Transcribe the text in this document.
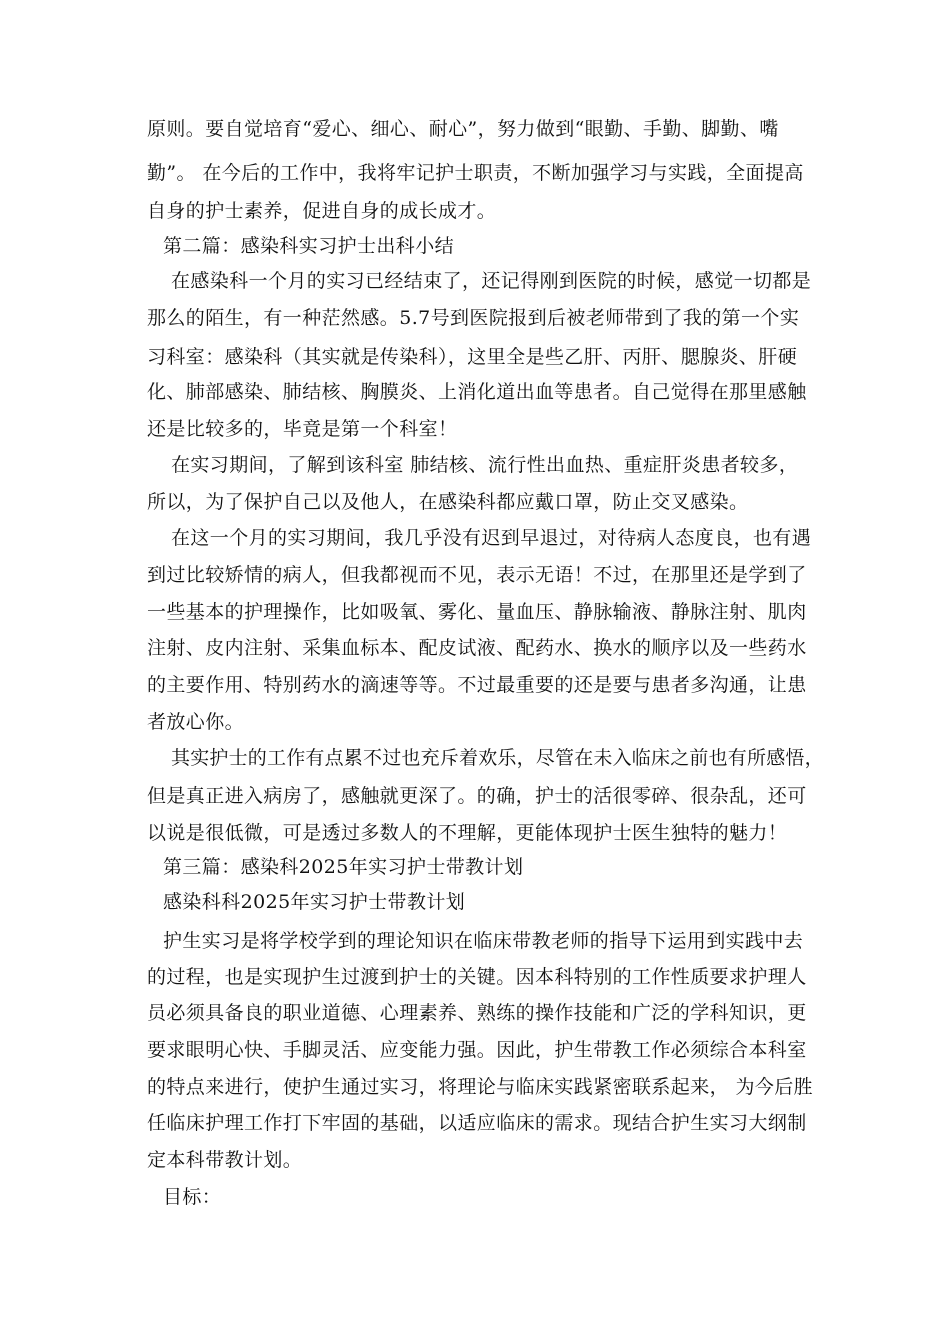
原则。要自觉培育“爱心、细心、耐心”，努力做到“眼勤、手勤、脚勤、嘴
勤”。 在今后的工作中，我将牢记护士职责，不断加强学习与实践，全面提高
自身的护士素养，促进自身的成长成才。
第二篇：感染科实习护士出科小结
在感染科一个月的实习已经结束了，还记得刚到医院的时候，感觉一切都是
那么的陌生，有一种茫然感。5.7号到医院报到后被老师带到了我的第一个实
习科室：感染科（其实就是传染科），这里全是些乙肝、丙肝、腮腺炎、肝硬
化、肺部感染、肺结核、胸膜炎、上消化道出血等患者。自己觉得在那里感触
还是比较多的，毕竟是第一个科室！
在实习期间，了解到该科室 肺结核、流行性出血热、重症肝炎患者较多，
所以，为了保护自己以及他人，在感染科都应戴口罩，防止交叉感染。
在这一个月的实习期间，我几乎没有迟到早退过，对待病人态度良，也有遇
到过比较矫情的病人，但我都视而不见，表示无语！不过，在那里还是学到了
一些基本的护理操作，比如吸氧、雾化、量血压、静脉输液、静脉注射、肌肉
注射、皮内注射、采集血标本、配皮试液、配药水、换水的顺序以及一些药水
的主要作用、特别药水的滴速等等。不过最重要的还是要与患者多沟通，让患
者放心你。
其实护士的工作有点累不过也充斥着欢乐，尽管在未入临床之前也有所感悟，
但是真正进入病房了，感触就更深了。的确，护士的活很零碎、很杂乱，还可
以说是很低微，可是透过多数人的不理解，更能体现护士医生独特的魅力！
第三篇：感染科2025年实习护士带教计划
感染科科2025年实习护士带教计划
护生实习是将学校学到的理论知识在临床带教老师的指导下运用到实践中去
的过程，也是实现护生过渡到护士的关键。因本科特别的工作性质要求护理人
员必须具备良的职业道德、心理素养、熟练的操作技能和广泛的学科知识，更
要求眼明心快、手脚灵活、应变能力强。因此，护生带教工作必须综合本科室
的特点来进行，使护生通过实习，将理论与临床实践紧密联系起来， 为今后胜
任临床护理工作打下牢固的基础，以适应临床的需求。现结合护生实习大纲制
定本科带教计划。
目标：
